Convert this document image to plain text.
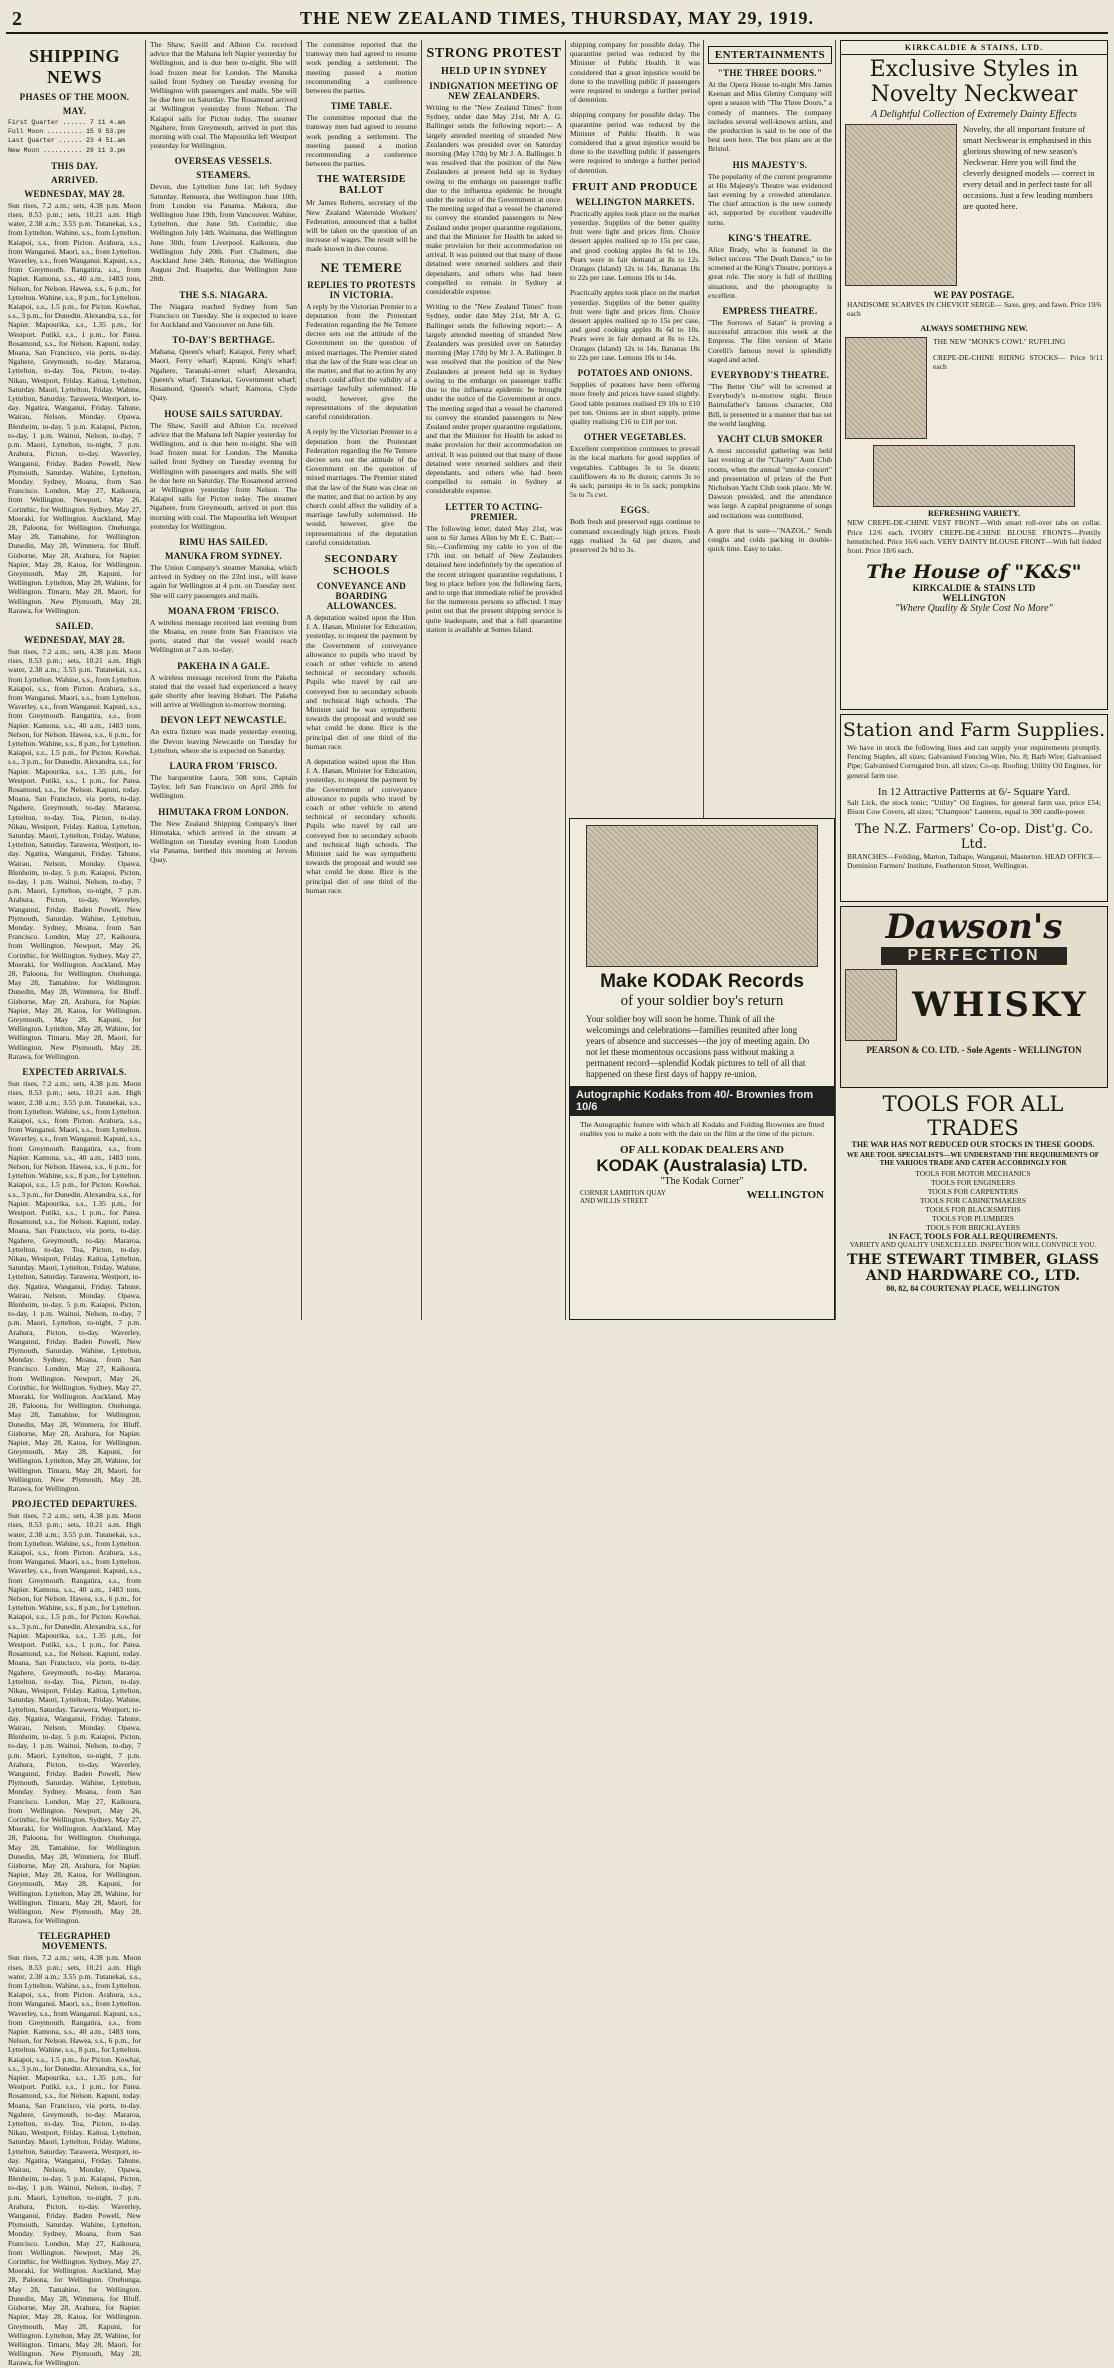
2	THE NEW ZEALAND TIMES, THURSDAY, MAY 29, 1919.
SHIPPING NEWS
PHASES OF THE MOON.
MAY.
First Quarter ...... 7 11 4.am
Full Moon ......... 15 9 53.pm
Last Quarter ...... 23 4 51.am
New Moon .......... 29 11 3.pm
THIS DAY.
ARRIVED.
WEDNESDAY, MAY 28.

Sun rises, 7.2 a.m.; sets, 4.38 p.m. Moon rises, 8.53 p.m.; sets, 10.21 a.m. High water, 2.38 a.m.; 3.55 p.m. Tutanekai, s.s., from Lyttelton. Wahine, s.s., from Lyttelton. Kaiapoi, s.s., from Picton. Arahura, s.s., from Wanganui. Maori, s.s., from Lyttelton. Waverley, s.s., from Wanganui. Kapuni, s.s., from Greymouth. Rangatira, s.s., from Napier. Kamona, s.s., 40 a.m., 1483 tons, Nelson, for Nelson. Hawea, s.s., 6 p.m., for Lyttelton. Wahine, s.s., 8 p.m., for Lyttelton. Kaiapoi, s.s., 1.5 p.m., for Picton. Kowhai, s.s., 3 p.m., for Dunedin. Alexandra, s.s., for Napier. Mapourika, s.s., 1.35 p.m., for Westport. Putiki, s.s., 1 p.m., for Patea. Rosamond, s.s., for Nelson. Kapuni, today. Moana, San Francisco, via ports, to-day. Ngahere, Greymouth, to-day. Mararoa, Lyttelton, to-day. Toa, Picton, to-day. Nikau, Westport, Friday. Kaitoa, Lyttelton, Saturday. Maori, Lyttelton, Friday. Wahine, Lyttelton, Saturday. Tarawera, Westport, to-day. Ngatira, Wanganui, Friday. Tahune, Wairau, Nelson, Monday. Opawa, Blenheim, to-day, 5 p.m. Kaiapoi, Picton, to-day, 1 p.m. Wainui, Nelson, to-day, 7 p.m. Maori, Lyttelton, to-night, 7 p.m. Arahura, Picton, to-day. Waverley, Wanganui, Friday. Baden Powell, New Plymouth, Saturday. Wahine, Lyttelton, Monday. Sydney, Moana, from San Francisco. London, May 27, Kaikoura, from Wellington. Newport, May 26, Corinthic, for Wellington. Sydney, May 27, Moeraki, for Wellington. Auckland, May 28, Paloona, for Wellington. Onehunga, May 28, Tamahine, for Wellington. Dunedin, May 28, Wimmera, for Bluff. Gisborne, May 28, Arahura, for Napier. Napier, May 28, Katoa, for Wellington. Greymouth, May 28, Kapuni, for Wellington. Lyttelton, May 28, Wahine, for Wellington. Timaru, May 28, Maori, for Wellington. New Plymouth, May 28, Rarawa, for Wellington.

SAILED.
WEDNESDAY, MAY 28.

Sun rises, 7.2 a.m.; sets, 4.38 p.m. Moon rises, 8.53 p.m.; sets, 10.21 a.m. High water, 2.38 a.m.; 3.55 p.m. Tutanekai, s.s., from Lyttelton. Wahine, s.s., from Lyttelton. Kaiapoi, s.s., from Picton. Arahura, s.s., from Wanganui. Maori, s.s., from Lyttelton. Waverley, s.s., from Wanganui. Kapuni, s.s., from Greymouth. Rangatira, s.s., from Napier. Kamona, s.s., 40 a.m., 1483 tons, Nelson, for Nelson. Hawea, s.s., 6 p.m., for Lyttelton. Wahine, s.s., 8 p.m., for Lyttelton. Kaiapoi, s.s., 1.5 p.m., for Picton. Kowhai, s.s., 3 p.m., for Dunedin. Alexandra, s.s., for Napier. Mapourika, s.s., 1.35 p.m., for Westport. Putiki, s.s., 1 p.m., for Patea. Rosamond, s.s., for Nelson. Kapuni, today. Moana, San Francisco, via ports, to-day. Ngahere, Greymouth, to-day. Mararoa, Lyttelton, to-day. Toa, Picton, to-day. Nikau, Westport, Friday. Kaitoa, Lyttelton, Saturday. Maori, Lyttelton, Friday. Wahine, Lyttelton, Saturday. Tarawera, Westport, to-day. Ngatira, Wanganui, Friday. Tahune, Wairau, Nelson, Monday. Opawa, Blenheim, to-day, 5 p.m. Kaiapoi, Picton, to-day, 1 p.m. Wainui, Nelson, to-day, 7 p.m. Maori, Lyttelton, to-night, 7 p.m. Arahura, Picton, to-day. Waverley, Wanganui, Friday. Baden Powell, New Plymouth, Saturday. Wahine, Lyttelton, Monday. Sydney, Moana, from San Francisco. London, May 27, Kaikoura, from Wellington. Newport, May 26, Corinthic, for Wellington. Sydney, May 27, Moeraki, for Wellington. Auckland, May 28, Paloona, for Wellington. Onehunga, May 28, Tamahine, for Wellington. Dunedin, May 28, Wimmera, for Bluff. Gisborne, May 28, Arahura, for Napier. Napier, May 28, Katoa, for Wellington. Greymouth, May 28, Kapuni, for Wellington. Lyttelton, May 28, Wahine, for Wellington. Timaru, May 28, Maori, for Wellington. New Plymouth, May 28, Rarawa, for Wellington.

EXPECTED ARRIVALS.

Sun rises, 7.2 a.m.; sets, 4.38 p.m. Moon rises, 8.53 p.m.; sets, 10.21 a.m. High water, 2.38 a.m.; 3.55 p.m. Tutanekai, s.s., from Lyttelton. Wahine, s.s., from Lyttelton. Kaiapoi, s.s., from Picton. Arahura, s.s., from Wanganui. Maori, s.s., from Lyttelton. Waverley, s.s., from Wanganui. Kapuni, s.s., from Greymouth. Rangatira, s.s., from Napier. Kamona, s.s., 40 a.m., 1483 tons, Nelson, for Nelson. Hawea, s.s., 6 p.m., for Lyttelton. Wahine, s.s., 8 p.m., for Lyttelton. Kaiapoi, s.s., 1.5 p.m., for Picton. Kowhai, s.s., 3 p.m., for Dunedin. Alexandra, s.s., for Napier. Mapourika, s.s., 1.35 p.m., for Westport. Putiki, s.s., 1 p.m., for Patea. Rosamond, s.s., for Nelson. Kapuni, today. Moana, San Francisco, via ports, to-day. Ngahere, Greymouth, to-day. Mararoa, Lyttelton, to-day. Toa, Picton, to-day. Nikau, Westport, Friday. Kaitoa, Lyttelton, Saturday. Maori, Lyttelton, Friday. Wahine, Lyttelton, Saturday. Tarawera, Westport, to-day. Ngatira, Wanganui, Friday. Tahune, Wairau, Nelson, Monday. Opawa, Blenheim, to-day, 5 p.m. Kaiapoi, Picton, to-day, 1 p.m. Wainui, Nelson, to-day, 7 p.m. Maori, Lyttelton, to-night, 7 p.m. Arahura, Picton, to-day. Waverley, Wanganui, Friday. Baden Powell, New Plymouth, Saturday. Wahine, Lyttelton, Monday. Sydney, Moana, from San Francisco. London, May 27, Kaikoura, from Wellington. Newport, May 26, Corinthic, for Wellington. Sydney, May 27, Moeraki, for Wellington. Auckland, May 28, Paloona, for Wellington. Onehunga, May 28, Tamahine, for Wellington. Dunedin, May 28, Wimmera, for Bluff. Gisborne, May 28, Arahura, for Napier. Napier, May 28, Katoa, for Wellington. Greymouth, May 28, Kapuni, for Wellington. Lyttelton, May 28, Wahine, for Wellington. Timaru, May 28, Maori, for Wellington. New Plymouth, May 28, Rarawa, for Wellington.

PROJECTED DEPARTURES.

Sun rises, 7.2 a.m.; sets, 4.38 p.m. Moon rises, 8.53 p.m.; sets, 10.21 a.m. High water, 2.38 a.m.; 3.55 p.m. Tutanekai, s.s., from Lyttelton. Wahine, s.s., from Lyttelton. Kaiapoi, s.s., from Picton. Arahura, s.s., from Wanganui. Maori, s.s., from Lyttelton. Waverley, s.s., from Wanganui. Kapuni, s.s., from Greymouth. Rangatira, s.s., from Napier. Kamona, s.s., 40 a.m., 1483 tons, Nelson, for Nelson. Hawea, s.s., 6 p.m., for Lyttelton. Wahine, s.s., 8 p.m., for Lyttelton. Kaiapoi, s.s., 1.5 p.m., for Picton. Kowhai, s.s., 3 p.m., for Dunedin. Alexandra, s.s., for Napier. Mapourika, s.s., 1.35 p.m., for Westport. Putiki, s.s., 1 p.m., for Patea. Rosamond, s.s., for Nelson. Kapuni, today. Moana, San Francisco, via ports, to-day. Ngahere, Greymouth, to-day. Mararoa, Lyttelton, to-day. Toa, Picton, to-day. Nikau, Westport, Friday. Kaitoa, Lyttelton, Saturday. Maori, Lyttelton, Friday. Wahine, Lyttelton, Saturday. Tarawera, Westport, to-day. Ngatira, Wanganui, Friday. Tahune, Wairau, Nelson, Monday. Opawa, Blenheim, to-day, 5 p.m. Kaiapoi, Picton, to-day, 1 p.m. Wainui, Nelson, to-day, 7 p.m. Maori, Lyttelton, to-night, 7 p.m. Arahura, Picton, to-day. Waverley, Wanganui, Friday. Baden Powell, New Plymouth, Saturday. Wahine, Lyttelton, Monday. Sydney, Moana, from San Francisco. London, May 27, Kaikoura, from Wellington. Newport, May 26, Corinthic, for Wellington. Sydney, May 27, Moeraki, for Wellington. Auckland, May 28, Paloona, for Wellington. Onehunga, May 28, Tamahine, for Wellington. Dunedin, May 28, Wimmera, for Bluff. Gisborne, May 28, Arahura, for Napier. Napier, May 28, Katoa, for Wellington. Greymouth, May 28, Kapuni, for Wellington. Lyttelton, May 28, Wahine, for Wellington. Timaru, May 28, Maori, for Wellington. New Plymouth, May 28, Rarawa, for Wellington.

TELEGRAPHED MOVEMENTS.

Sun rises, 7.2 a.m.; sets, 4.38 p.m. Moon rises, 8.53 p.m.; sets, 10.21 a.m. High water, 2.38 a.m.; 3.55 p.m. Tutanekai, s.s., from Lyttelton. Wahine, s.s., from Lyttelton. Kaiapoi, s.s., from Picton. Arahura, s.s., from Wanganui. Maori, s.s., from Lyttelton. Waverley, s.s., from Wanganui. Kapuni, s.s., from Greymouth. Rangatira, s.s., from Napier. Kamona, s.s., 40 a.m., 1483 tons, Nelson, for Nelson. Hawea, s.s., 6 p.m., for Lyttelton. Wahine, s.s., 8 p.m., for Lyttelton. Kaiapoi, s.s., 1.5 p.m., for Picton. Kowhai, s.s., 3 p.m., for Dunedin. Alexandra, s.s., for Napier. Mapourika, s.s., 1.35 p.m., for Westport. Putiki, s.s., 1 p.m., for Patea. Rosamond, s.s., for Nelson. Kapuni, today. Moana, San Francisco, via ports, to-day. Ngahere, Greymouth, to-day. Mararoa, Lyttelton, to-day. Toa, Picton, to-day. Nikau, Westport, Friday. Kaitoa, Lyttelton, Saturday. Maori, Lyttelton, Friday. Wahine, Lyttelton, Saturday. Tarawera, Westport, to-day. Ngatira, Wanganui, Friday. Tahune, Wairau, Nelson, Monday. Opawa, Blenheim, to-day, 5 p.m. Kaiapoi, Picton, to-day, 1 p.m. Wainui, Nelson, to-day, 7 p.m. Maori, Lyttelton, to-night, 7 p.m. Arahura, Picton, to-day. Waverley, Wanganui, Friday. Baden Powell, New Plymouth, Saturday. Wahine, Lyttelton, Monday. Sydney, Moana, from San Francisco. London, May 27, Kaikoura, from Wellington. Newport, May 26, Corinthic, for Wellington. Sydney, May 27, Moeraki, for Wellington. Auckland, May 28, Paloona, for Wellington. Onehunga, May 28, Tamahine, for Wellington. Dunedin, May 28, Wimmera, for Bluff. Gisborne, May 28, Arahura, for Napier. Napier, May 28, Katoa, for Wellington. Greymouth, May 28, Kapuni, for Wellington. Lyttelton, May 28, Wahine, for Wellington. Timaru, May 28, Maori, for Wellington. New Plymouth, May 28, Rarawa, for Wellington.

The Shaw, Savill and Albion Co. received advice that the Mahana left Napier yesterday for Wellington, and is due here to-night. She will load frozen meat for London. The Manuka sailed from Sydney on Tuesday evening for Wellington with passengers and mails. She will be due here on Saturday. The Rosamond arrived at Wellington yesterday from Nelson. The Kaiapoi sails for Picton today. The steamer Ngahere, from Greymouth, arrived in port this morning with coal. The Mapourika left Westport yesterday for Wellington.

OVERSEAS VESSELS.
STEAMERS.

Devon, due Lyttelton June 1st; left Sydney Saturday. Remuera, due Wellington June 10th, from London via Panama. Makura, due Wellington June 19th, from Vancouver. Wahine, Lyttelton, due June 5th. Corinthic, due Wellington July 14th. Waimana, due Wellington June 30th, from Liverpool. Kaikoura, due Wellington July 20th. Port Chalmers, due Auckland June 24th. Rotorua, due Wellington August 2nd. Ruapehu, due Wellington June 28th.

THE S.S. NIAGARA.

The Niagara reached Sydney from San Francisco on Tuesday. She is expected to leave for Auckland and Vancouver on June 6th.

TO-DAY'S BERTHAGE.

Mahana, Queen's wharf; Kaiapoi, Ferry wharf; Maori, Ferry wharf; Kapuni, King's wharf; Ngahere, Taranaki-street wharf; Alexandra, Queen's wharf; Tutanekai, Government wharf; Rosamond, Queen's wharf; Kamona, Clyde Quay.

HOUSE SAILS SATURDAY.

The Shaw, Savill and Albion Co. received advice that the Mahana left Napier yesterday for Wellington, and is due here to-night. She will load frozen meat for London. The Manuka sailed from Sydney on Tuesday evening for Wellington with passengers and mails. She will be due here on Saturday. The Rosamond arrived at Wellington yesterday from Nelson. The Kaiapoi sails for Picton today. The steamer Ngahere, from Greymouth, arrived in port this morning with coal. The Mapourika left Westport yesterday for Wellington.

RIMU HAS SAILED.
MANUKA FROM SYDNEY.

The Union Company's steamer Manuka, which arrived in Sydney on the 23rd inst., will leave again for Wellington at 4 p.m. on Tuesday next. She will carry passengers and mails.

MOANA FROM 'FRISCO.

A wireless message received last evening from the Moana, en route from San Francisco via ports, stated that the vessel would reach Wellington at 7 a.m. to-day.

PAKEHA IN A GALE.

A wireless message received from the Pakeha stated that the vessel had experienced a heavy gale shortly after leaving Hobart. The Pakeha will arrive at Wellington to-morrow morning.

DEVON LEFT NEWCASTLE.

An extra fixture was made yesterday evening, the Devon leaving Newcastle on Tuesday for Lyttelton, where she is expected on Saturday.

LAURA FROM 'FRISCO.

The barquentine Laura, 508 tons, Captain Taylor, left San Francisco on April 28th for Wellington.

HIMUTAKA FROM LONDON.

The New Zealand Shipping Company's liner Himutaka, which arrived in the stream at Wellington on Tuesday evening from London via Panama, berthed this morning at Jervois Quay.

The committee reported that the tramway men had agreed to resume work pending a settlement. The meeting passed a motion recommending a conference between the parties.

TIME TABLE.

The committee reported that the tramway men had agreed to resume work pending a settlement. The meeting passed a motion recommending a conference between the parties.

THE WATERSIDE BALLOT

Mr James Roberts, secretary of the New Zealand Waterside Workers' Federation, announced that a ballot will be taken on the question of an increase of wages. The result will be made known in due course.

NE TEMERE
REPLIES TO PROTESTS IN VICTORIA.

A reply by the Victorian Premier to a deputation from the Protestant Federation regarding the Ne Temere decree sets out the attitude of the Government on the question of mixed marriages. The Premier stated that the law of the State was clear on the matter, and that no action by any church could affect the validity of a marriage lawfully solemnised. He would, however, give the representations of the deputation careful consideration.

A reply by the Victorian Premier to a deputation from the Protestant Federation regarding the Ne Temere decree sets out the attitude of the Government on the question of mixed marriages. The Premier stated that the law of the State was clear on the matter, and that no action by any church could affect the validity of a marriage lawfully solemnised. He would, however, give the representations of the deputation careful consideration.

SECONDARY SCHOOLS
CONVEYANCE AND BOARDING ALLOWANCES.

A deputation waited upon the Hon. J. A. Hanan, Minister for Education, yesterday, to request the payment by the Government of conveyance allowance to pupils who travel by coach or other vehicle to attend technical or secondary schools. Pupils who travel by rail are conveyed free to secondary schools and technical high schools. The Minister said he was sympathetic towards the proposal and would see what could be done. Rice is the principal diet of one third of the human race.

A deputation waited upon the Hon. J. A. Hanan, Minister for Education, yesterday, to request the payment by the Government of conveyance allowance to pupils who travel by coach or other vehicle to attend technical or secondary schools. Pupils who travel by rail are conveyed free to secondary schools and technical high schools. The Minister said he was sympathetic towards the proposal and would see what could be done. Rice is the principal diet of one third of the human race.

STRONG PROTEST
HELD UP IN SYDNEY
INDIGNATION MEETING OF NEW ZEALANDERS.

Writing to the "New Zealand Times" from Sydney, under date May 21st, Mr A. G. Ballinger sends the following report:— A largely attended meeting of stranded New Zealanders was presided over on Saturday morning (May 17th) by Mr J. A. Ballinger. It was resolved that the position of the New Zealanders at present held up in Sydney owing to the embargo on passenger traffic due to the influenza epidemic be brought under the notice of the Government at once. The meeting urged that a vessel be chartered to convey the stranded passengers to New Zealand under proper quarantine regulations, and that the Minister for Health be asked to make provision for their accommodation on arrival. It was pointed out that many of those detained were returned soldiers and their dependants, and others who had been compelled to remain in Sydney at considerable expense.

Writing to the "New Zealand Times" from Sydney, under date May 21st, Mr A. G. Ballinger sends the following report:— A largely attended meeting of stranded New Zealanders was presided over on Saturday morning (May 17th) by Mr J. A. Ballinger. It was resolved that the position of the New Zealanders at present held up in Sydney owing to the embargo on passenger traffic due to the influenza epidemic be brought under the notice of the Government at once. The meeting urged that a vessel be chartered to convey the stranded passengers to New Zealand under proper quarantine regulations, and that the Minister for Health be asked to make provision for their accommodation on arrival. It was pointed out that many of those detained were returned soldiers and their dependants, and others who had been compelled to remain in Sydney at considerable expense.

LETTER TO ACTING-PREMIER.

The following letter, dated May 21st, was sent to Sir James Allen by Mr E. C. Batt:— Sir,—Confirming my cable to you of the 17th inst. on behalf of New Zealanders detained here indefinitely by the operation of the recent stringent quarantine regulations, I beg to place before you the following facts, and to urge that immediate relief be provided for the numerous persons so affected. I may point out that the present shipping service is quite inadequate, and that a full quarantine station is available at Somes Island.

shipping company for possible delay. The quarantine period was reduced by the Minister of Public Health. It was considered that a great injustice would be done to the travelling public if passengers were required to undergo a further period of detention.

shipping company for possible delay. The quarantine period was reduced by the Minister of Public Health. It was considered that a great injustice would be done to the travelling public if passengers were required to undergo a further period of detention.

FRUIT AND PRODUCE
WELLINGTON MARKETS.

Practically apples took place on the market yesterday. Supplies of the better quality fruit were light and prices firm. Choice dessert apples realised up to 15s per case, and good cooking apples 8s 6d to 10s. Pears were in fair demand at 8s to 12s. Oranges (Island) 12s to 14s. Bananas 18s to 22s per case. Lemons 10s to 14s.

Practically apples took place on the market yesterday. Supplies of the better quality fruit were light and prices firm. Choice dessert apples realised up to 15s per case, and good cooking apples 8s 6d to 10s. Pears were in fair demand at 8s to 12s. Oranges (Island) 12s to 14s. Bananas 18s to 22s per case. Lemons 10s to 14s.

POTATOES AND ONIONS.

Supplies of potatoes have been offering more freely and prices have eased slightly. Good table potatoes realised £9 10s to £10 per ton. Onions are in short supply, prime quality realising £16 to £18 per ton.

OTHER VEGETABLES.

Excellent competition continues to prevail in the local markets for good supplies of vegetables. Cabbages 3s to 5s dozen; cauliflowers 4s to 8s dozen; carrots 3s to 4s sack; parsnips 4s to 5s sack; pumpkins 5s to 7s cwt.

EGGS.

Both fresh and preserved eggs continue to command exceedingly high prices. Fresh eggs realised 3s 6d per dozen, and preserved 2s 9d to 3s.

Make KODAK Records
of your soldier boy's return

Your soldier boy will soon be home. Think of all the welcomings and celebrations—families reunited after long years of absence and successes—the joy of meeting again. Do not let these momentous occasions pass without making a permanent record—splendid Kodak pictures to tell of all that happened on these first days of happy re-union.

Autographic Kodaks from 40/- Brownies from 10/6

The Autographic feature with which all Kodaks and Folding Brownies are fitted enables you to make a note with the date on the film at the time of the picture.

OF ALL KODAK DEALERS AND
KODAK (Australasia) LTD.
"The Kodak Corner"
CORNER LAMBTON QUAY AND WILLIS STREET	WELLINGTON
ENTERTAINMENTS
"THE THREE DOORS."

At the Opera House to-night Mrs James Keenan and Miss Glenny Company will open a season with "The Three Doors," a comedy of manners. The company includes several well-known artists, and the production is said to be one of the best seen here. The box plans are at the Bristol.

HIS MAJESTY'S.

The popularity of the current programme at His Majesty's Theatre was evidenced last evening by a crowded attendance. The chief attraction is the new comedy act, supported by excellent vaudeville turns.

KING'S THEATRE.

Alice Brady, who is featured in the Select success "The Death Dance," to be screened at the King's Theatre, portrays a great role. The story is full of thrilling situations, and the photography is excellent.

EMPRESS THEATRE.

"The Sorrows of Satan" is proving a successful attraction this week at the Empress. The film version of Marie Corelli's famous novel is splendidly staged and acted.

EVERYBODY'S THEATRE.

"The Better 'Ole" will be screened at Everybody's to-morrow night. Bruce Bairnsfather's famous character, Old Bill, is presented in a manner that has set the world laughing.

YACHT CLUB SMOKER

A most successful gathering was held last evening at the "Charity" Aunt Club rooms, when the annual "smoke concert" and presentation of prizes of the Port Nicholson Yacht Club took place. Mr W. Dawson presided, and the attendance was large. A capital programme of songs and recitations was contributed.

A gore that is sure—"NAZOL." Sends coughs and colds packing in double-quick time. Easy to take.

KIRKCALDIE & STAINS, LTD.
Exclusive Styles in
Novelty Neckwear
A Delightful Collection of Extremely Dainty Effects

Novelty, the all important feature of smart Neckwear is emphasised in this glorious showing of new season's Neckwear. Here you will find the cleverly designed models — correct in every detail and in perfect taste for all occasions. Just a few leading numbers are quoted here.

WE PAY POSTAGE.

HANDSOME SCARVES IN CHEVIOT SERGE— Saxe, grey, and fawn. Price 19/6 each

ALWAYS SOMETHING NEW.

THE NEW "MONK'S COWL" RUFFLING

CREPE-DE-CHINE RIDING STOCKS— Price 9/11 each

REFRESHING VARIETY.

NEW CREPE-DE-CHINE VEST FRONT—With smart roll-over tabs on collar. Price 12/6 each. IVORY CREPE-DE-CHINE BLOUSE FRONTS—Prettily hemstitched. Price 16/6 each. VERY DAINTY BLOUSE FRONT—With full folded front. Price 18/6 each.

The House of "K&S"
KIRKCALDIE & STAINS LTD
WELLINGTON
"Where Quality & Style Cost No More"
Station and Farm Supplies.

We have in stock the following lines and can supply your requirements promptly. Fencing Staples, all sizes; Galvanised Fencing Wire, No. 8; Barb Wire; Galvanised Pipe; Galvanised Corrugated Iron, all sizes; Co-op. Roofing; Utility Oil Engines, for general farm use.

In 12 Attractive Patterns at 6/- Square Yard.

Salt Lick, the stock tonic; "Utility" Oil Engines, for general farm use, price £54; Bison Cow Covers, all sizes; "Champion" Lanterns, equal to 300 candle-power.

The N.Z. Farmers' Co-op. Dist'g. Co. Ltd.

BRANCHES—Feilding, Marton, Taihape, Wanganui, Masterton. HEAD OFFICE—Dominion Farmers' Institute, Featherston Street, Wellington.

Dawson's
PERFECTION
WHISKY
PEARSON & CO. LTD. - Sole Agents - WELLINGTON
TOOLS FOR ALL TRADES
THE WAR HAS NOT REDUCED OUR STOCKS IN THESE GOODS.
WE ARE TOOL SPECIALISTS—WE UNDERSTAND THE REQUIREMENTS OF THE VARIOUS TRADE AND CATER ACCORDINGLY FOR
TOOLS FOR MOTOR MECHANICS
TOOLS FOR ENGINEERS
TOOLS FOR CARPENTERS
TOOLS FOR CABINETMAKERS
TOOLS FOR BLACKSMITHS
TOOLS FOR PLUMBERS
TOOLS FOR BRICKLAYERS
IN FACT, TOOLS FOR ALL REQUIREMENTS.
VARIETY AND QUALITY UNEXCELLED. INSPECTION WILL CONVINCE YOU.
THE STEWART TIMBER, GLASS AND HARDWARE CO., LTD.
80, 82, 84 COURTENAY PLACE, WELLINGTON
